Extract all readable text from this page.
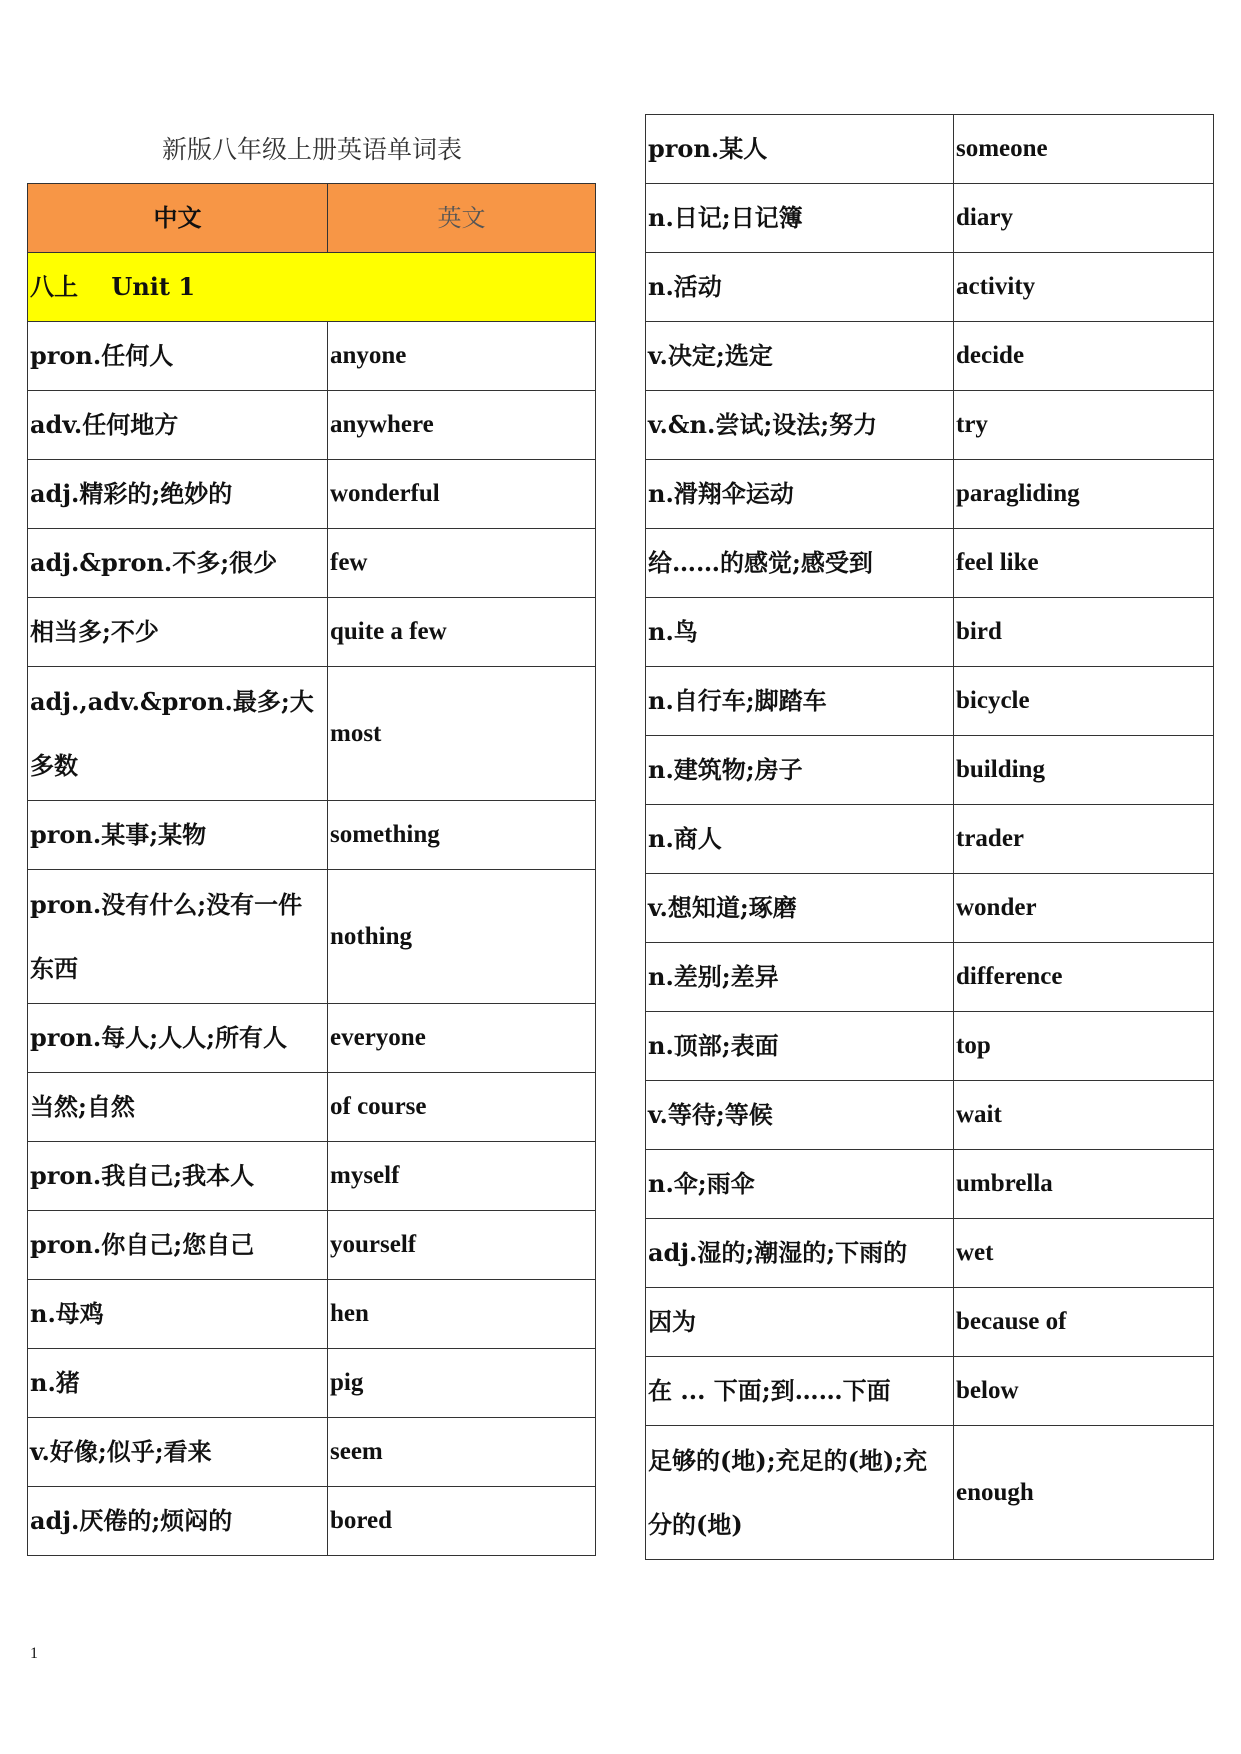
新版八年级上册英语单词表
中文	英文
八上    Unit 1	
pron.任何人	anyone
adv.任何地方	anywhere
adj.精彩的;绝妙的	wonderful
adj.&pron.不多;很少	few
相当多;不少	quite a few
adj.,adv.&pron.最多;大多数	most
pron.某事;某物	something
pron.没有什么;没有一件东西	nothing
pron.每人;人人;所有人	everyone
当然;自然	of course
pron.我自己;我本人	myself
pron.你自己;您自己	yourself
n.母鸡	hen
n.猪	pig
v.好像;似乎;看来	seem
adj.厌倦的;烦闷的	bored
pron.某人	someone
n.日记;日记簿	diary
n.活动	activity
v.决定;选定	decide
v.&n.尝试;设法;努力	try
n.滑翔伞运动	paragliding
给……的感觉;感受到	feel like
n.鸟	bird
n.自行车;脚踏车	bicycle
n.建筑物;房子	building
n.商人	trader
v.想知道;琢磨	wonder
n.差别;差异	difference
n.顶部;表面	top
v.等待;等候	wait
n.伞;雨伞	umbrella
adj.湿的;潮湿的;下雨的	wet
因为	because of
在 ... 下面;到……下面	below
足够的(地);充足的(地);充分的(地)	enough
1
